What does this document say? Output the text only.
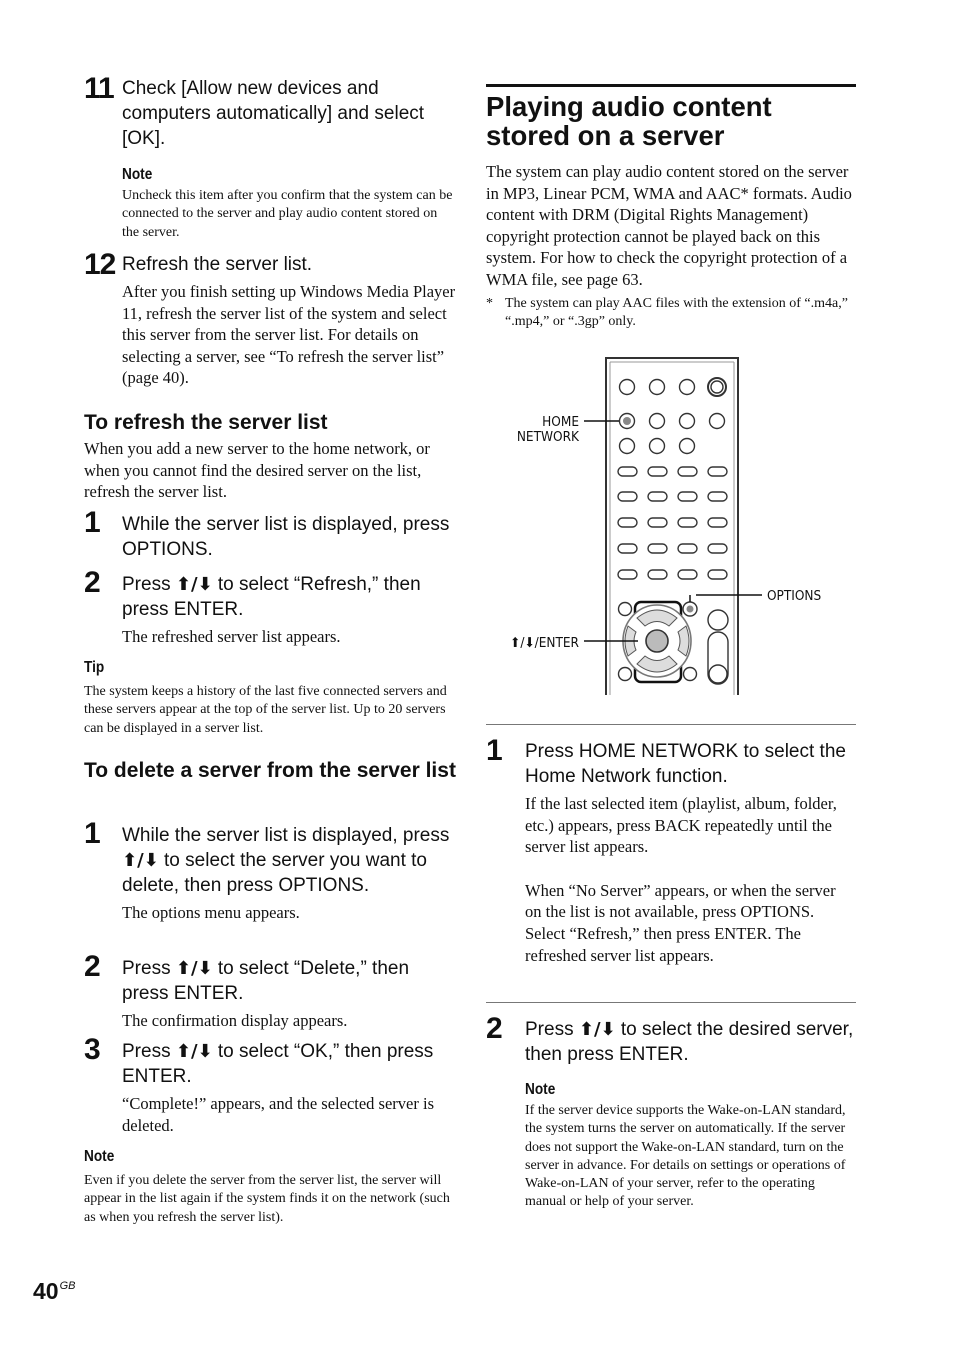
11 Check [Allow new devices and computers automatically] and select [OK].
Note
Uncheck this item after you confirm that the system can be connected to the server and play audio content stored on the server.
12 Refresh the server list.
After you finish setting up Windows Media Player 11, refresh the server list of the system and select this server from the server list. For details on selecting a server, see “To refresh the server list” (page 40).
To refresh the server list
When you add a new server to the home network, or when you cannot find the desired server on the list, refresh the server list.
1 While the server list is displayed, press OPTIONS.
2 Press ⬆/⬇ to select “Refresh,” then press ENTER.
The refreshed server list appears.
Tip
The system keeps a history of the last five connected servers and these servers appear at the top of the server list. Up to 20 servers can be displayed in a server list.
To delete a server from the server list
1 While the server list is displayed, press ⬆/⬇ to select the server you want to delete, then press OPTIONS.
The options menu appears.
2 Press ⬆/⬇ to select “Delete,” then press ENTER.
The confirmation display appears.
3 Press ⬆/⬇ to select “OK,” then press ENTER.
“Complete!” appears, and the selected server is deleted.
Note
Even if you delete the server from the server list, the server will appear in the list again if the system finds it on the network (such as when you refresh the server list).
$40^{GB}$
Playing audio content stored on a server
The system can play audio content stored on the server in MP3, Linear PCM, WMA and AAC* formats. Audio content with DRM (Digital Rights Management) copyright protection cannot be played back on this system. For how to check the copyright protection of a WMA file, see page 63.
* The system can play AAC files with the extension of “.m4a,” “.mp4,” or “.3gp” only.
HOME
NETWORK
OPTIONS
⬆/⬇/ENTER
1 Press HOME NETWORK to select the Home Network function.
If the last selected item (playlist, album, folder, etc.) appears, press BACK repeatedly until the server list appears.
When “No Server” appears, or when the server on the list is not available, press OPTIONS. Select “Refresh,” then press ENTER. The refreshed server list appears.
2 Press ⬆/⬇ to select the desired server, then press ENTER.
Note
If the server device supports the Wake-on-LAN standard, the system turns the server on automatically. If the server does not support the Wake-on-LAN standard, turn on the server in advance. For details on settings or operations of Wake-on-LAN of your server, refer to the operating manual or help of your server.
